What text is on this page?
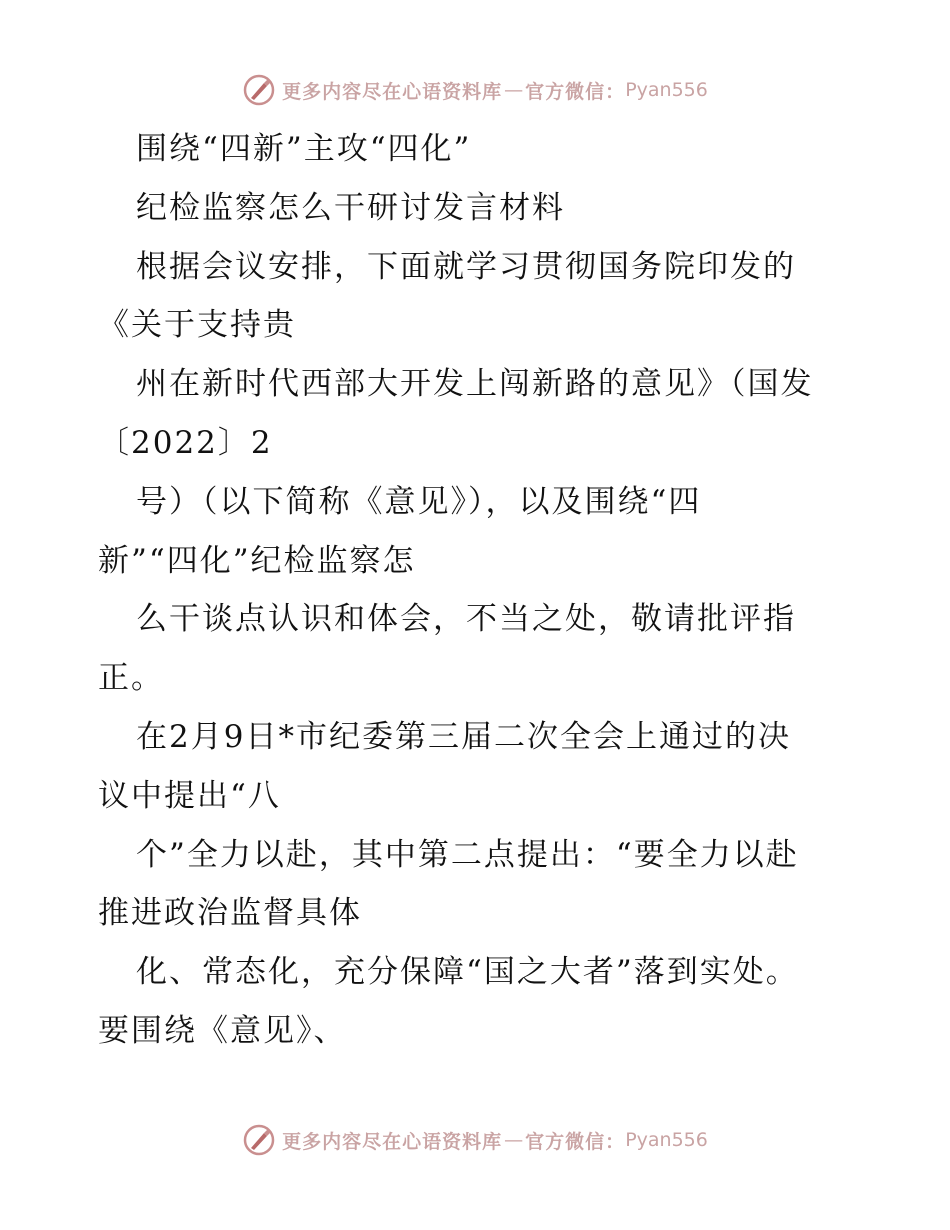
更多内容尽在心语资料库 — 官方微信： Pyan556
围绕“四新”主攻“四化”
纪检监察怎么干研讨发言材料
根据会议安排，下面就学习贯彻国务院印发的
《关于支持贵
州在新时代西部大开发上闯新路的意见》（国发
〔2022〕2
号）（以下简称《意见》），以及围绕“四
新”“四化”纪检监察怎
么干谈点认识和体会，不当之处，敬请批评指
正。
在2月9日*市纪委第三届二次全会上通过的决
议中提出“八
个”全力以赴，其中第二点提出：“要全力以赴
推进政治监督具体
化、常态化，充分保障“国之大者”落到实处。
要围绕《意见》、
更多内容尽在心语资料库 — 官方微信： Pyan556
